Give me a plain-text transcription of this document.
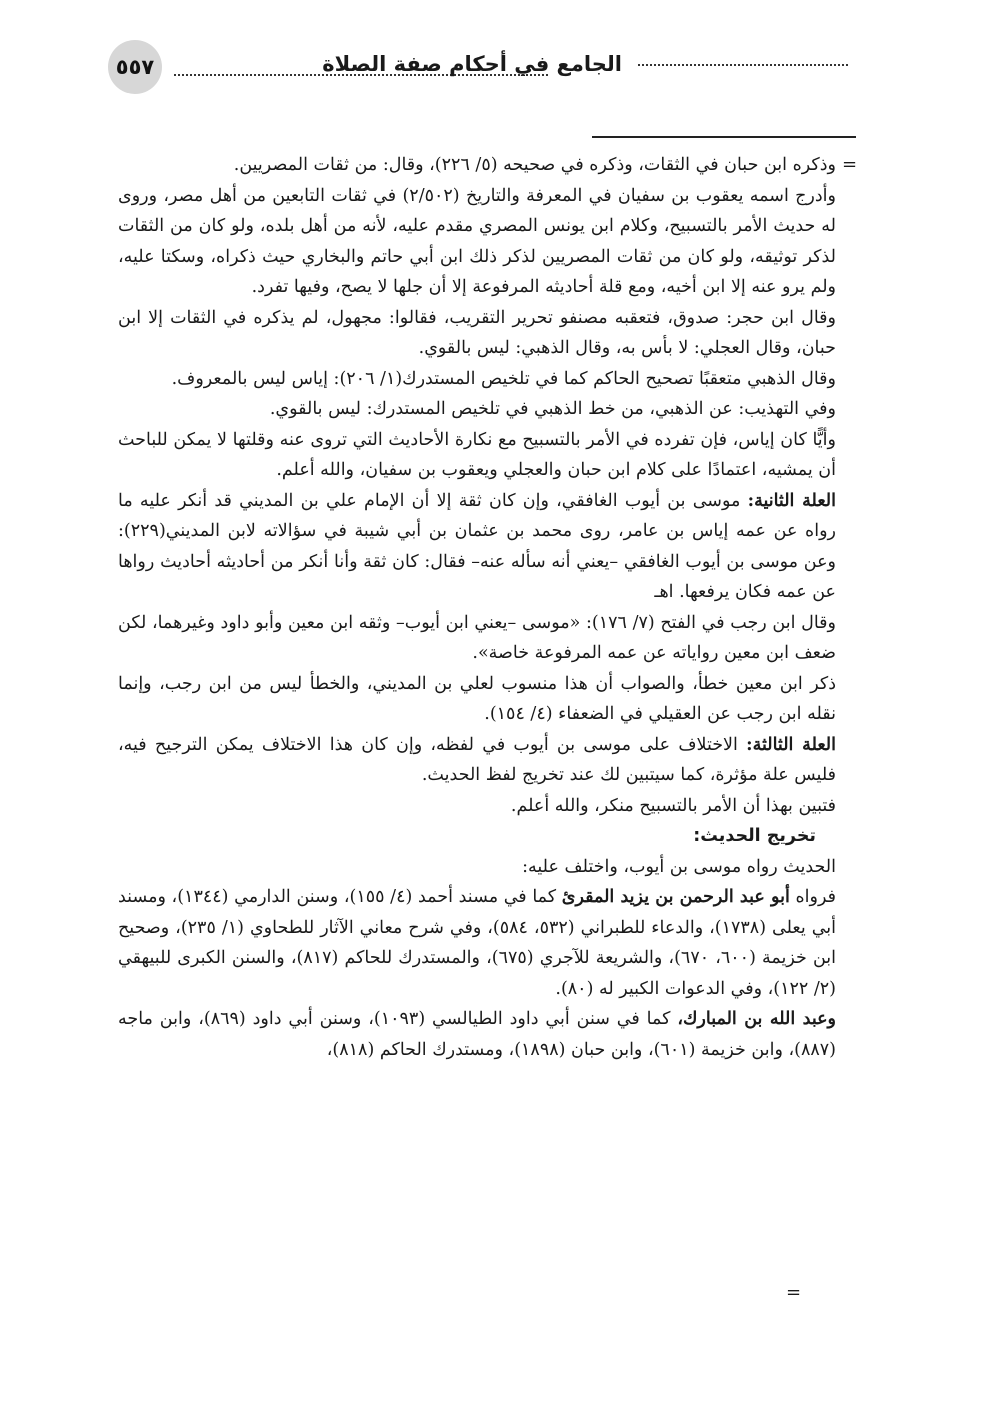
٥٥٧	الجامع في أحكام صفة الصلاة
=

وذكره ابن حبان في الثقات، وذكره في صحيحه (٥/ ٢٢٦)، وقال: من ثقات المصريين.

وأدرج اسمه يعقوب بن سفيان في المعرفة والتاريخ (٢/٥٠٢) في ثقات التابعين من أهل مصر، وروى له حديث الأمر بالتسبيح، وكلام ابن يونس المصري مقدم عليه، لأنه من أهل بلده، ولو كان من الثقات لذكر توثيقه، ولو كان من ثقات المصريين لذكر ذلك ابن أبي حاتم والبخاري حيث ذكراه، وسكتا عليه، ولم يرو عنه إلا ابن أخيه، ومع قلة أحاديثه المرفوعة إلا أن جلها لا يصح، وفيها تفرد.

وقال ابن حجر: صدوق، فتعقبه مصنفو تحرير التقريب، فقالوا: مجهول، لم يذكره في الثقات إلا ابن حبان، وقال العجلي: لا بأس به، وقال الذهبي: ليس بالقوي.

وقال الذهبي متعقبًا تصحيح الحاكم كما في تلخيص المستدرك(١/ ٢٠٦): إياس ليس بالمعروف.

وفي التهذيب: عن الذهبي، من خط الذهبي في تلخيص المستدرك: ليس بالقوي.

وأيًّا كان إياس، فإن تفرده في الأمر بالتسبيح مع نكارة الأحاديث التي تروى عنه وقلتها لا يمكن للباحث أن يمشيه، اعتمادًا على كلام ابن حبان والعجلي ويعقوب بن سفيان، والله أعلم.

العلة الثانية: موسى بن أيوب الغافقي، وإن كان ثقة إلا أن الإمام علي بن المديني قد أنكر عليه ما رواه عن عمه إياس بن عامر، روى محمد بن عثمان بن أبي شيبة في سؤالاته لابن المديني(٢٢٩): وعن موسى بن أيوب الغافقي –يعني أنه سأله عنه– فقال: كان ثقة وأنا أنكر من أحاديثه أحاديث رواها عن عمه فكان يرفعها. اهـ

وقال ابن رجب في الفتح (٧/ ١٧٦): «موسى –يعني ابن أيوب– وثقه ابن معين وأبو داود وغيرهما، لكن ضعف ابن معين رواياته عن عمه المرفوعة خاصة».

ذكر ابن معين خطأ، والصواب أن هذا منسوب لعلي بن المديني، والخطأ ليس من ابن رجب، وإنما نقله ابن رجب عن العقيلي في الضعفاء (٤/ ١٥٤).

العلة الثالثة: الاختلاف على موسى بن أيوب في لفظه، وإن كان هذا الاختلاف يمكن الترجيح فيه، فليس علة مؤثرة، كما سيتبين لك عند تخريج لفظ الحديث.

فتبين بهذا أن الأمر بالتسبيح منكر، والله أعلم.

تخريج الحديث:

الحديث رواه موسى بن أيوب، واختلف عليه:

فرواه أبو عبد الرحمن بن يزيد المقرئ كما في مسند أحمد (٤/ ١٥٥)، وسنن الدارمي (١٣٤٤)، ومسند أبي يعلى (١٧٣٨)، والدعاء للطبراني (٥٣٢، ٥٨٤)، وفي شرح معاني الآثار للطحاوي (١/ ٢٣٥)، وصحيح ابن خزيمة (٦٠٠، ٦٧٠)، والشريعة للآجري (٦٧٥)، والمستدرك للحاكم (٨١٧)، والسنن الكبرى للبيهقي (٢/ ١٢٢)، وفي الدعوات الكبير له (٨٠).

وعبد الله بن المبارك، كما في سنن أبي داود الطيالسي (١٠٩٣)، وسنن أبي داود (٨٦٩)، وابن ماجه (٨٨٧)، وابن خزيمة (٦٠١)، وابن حبان (١٨٩٨)، ومستدرك الحاكم (٨١٨)،

=
